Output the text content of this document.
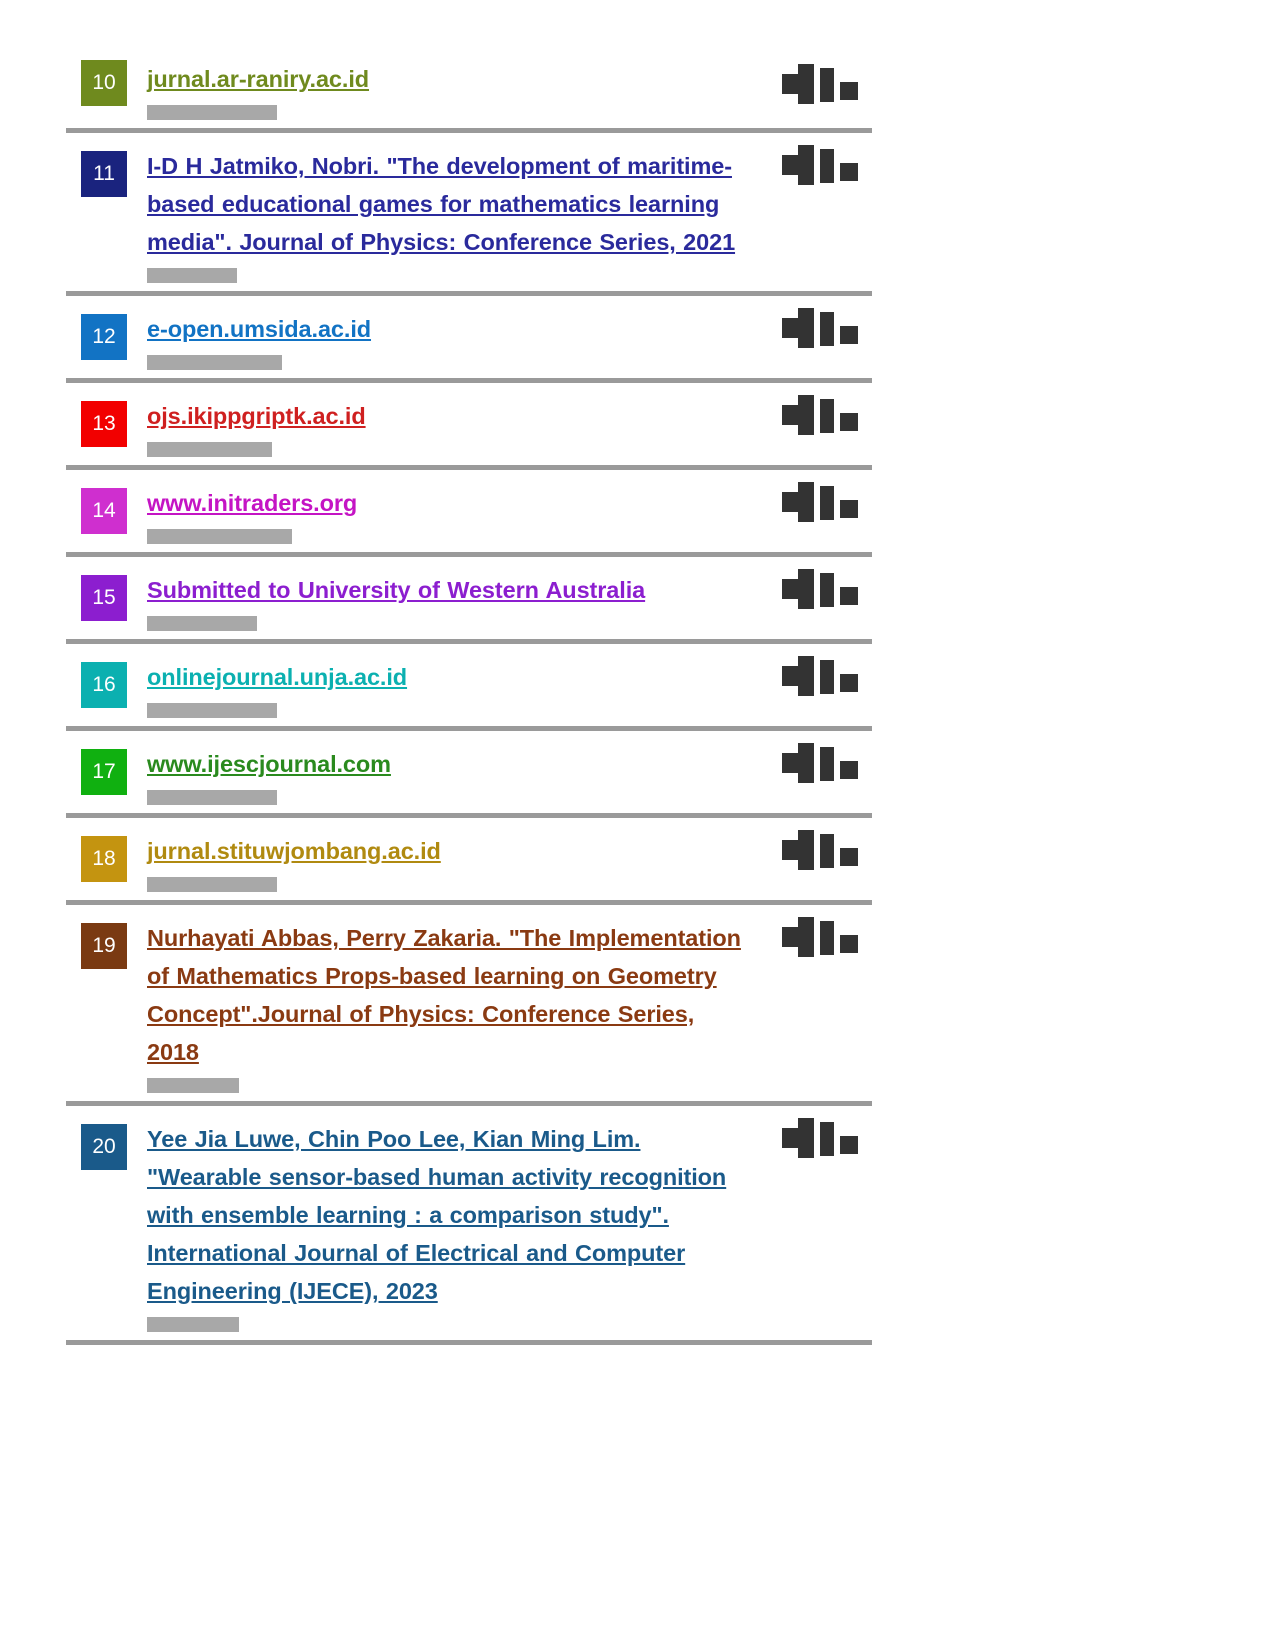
10	jurnal.ar-raniry.ac.id
11	I-D H Jatmiko, Nobri. "The development of maritime-based educational games for mathematics learning media". Journal of Physics: Conference Series, 2021
12	e-open.umsida.ac.id
13	ojs.ikippgriptk.ac.id
14	www.initraders.org
15	Submitted to University of Western Australia
16	onlinejournal.unja.ac.id
17	www.ijescjournal.com
18	jurnal.stituwjombang.ac.id
19	Nurhayati Abbas, Perry Zakaria. "The Implementation of Mathematics Props-based learning on Geometry Concept".Journal of Physics: Conference Series, 2018
20	Yee Jia Luwe, Chin Poo Lee, Kian Ming Lim. "Wearable sensor-based human activity recognition with ensemble learning : a comparison study". International Journal of Electrical and Computer Engineering (IJECE), 2023
